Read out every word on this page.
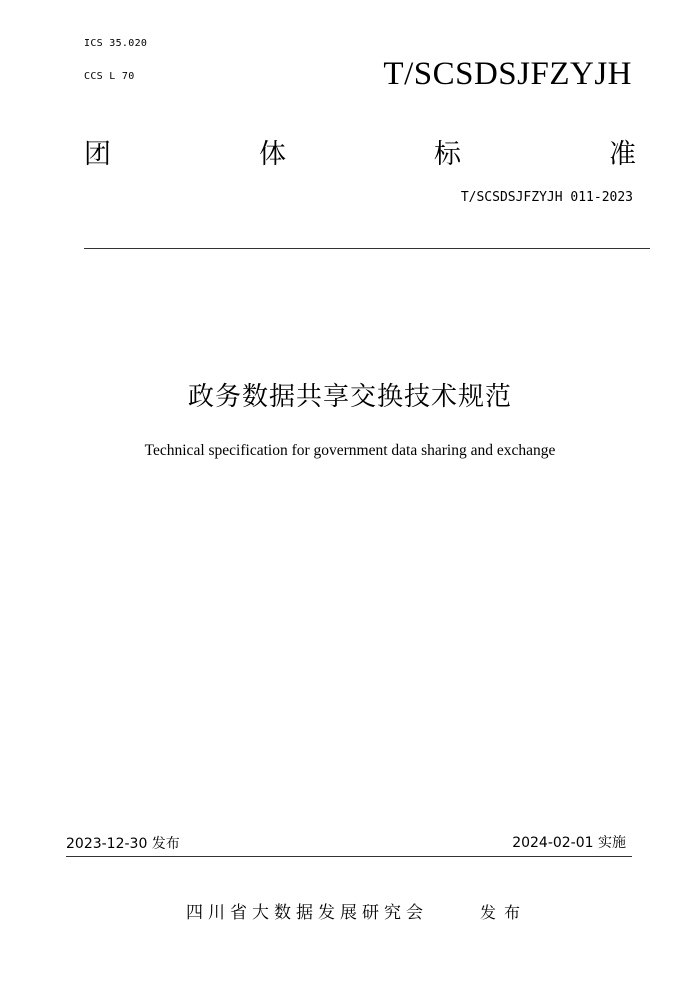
ICS 35.020
CCS L 70	T/SCSDSJFZYJH
团	体	标	准
T/SCSDSJFZYJH 011-2023
政务数据共享交换技术规范
Technical specification for government data sharing and exchange
2023-12-30 发布	2024-02-01 实施
四川省大数据发展研究会	发布
